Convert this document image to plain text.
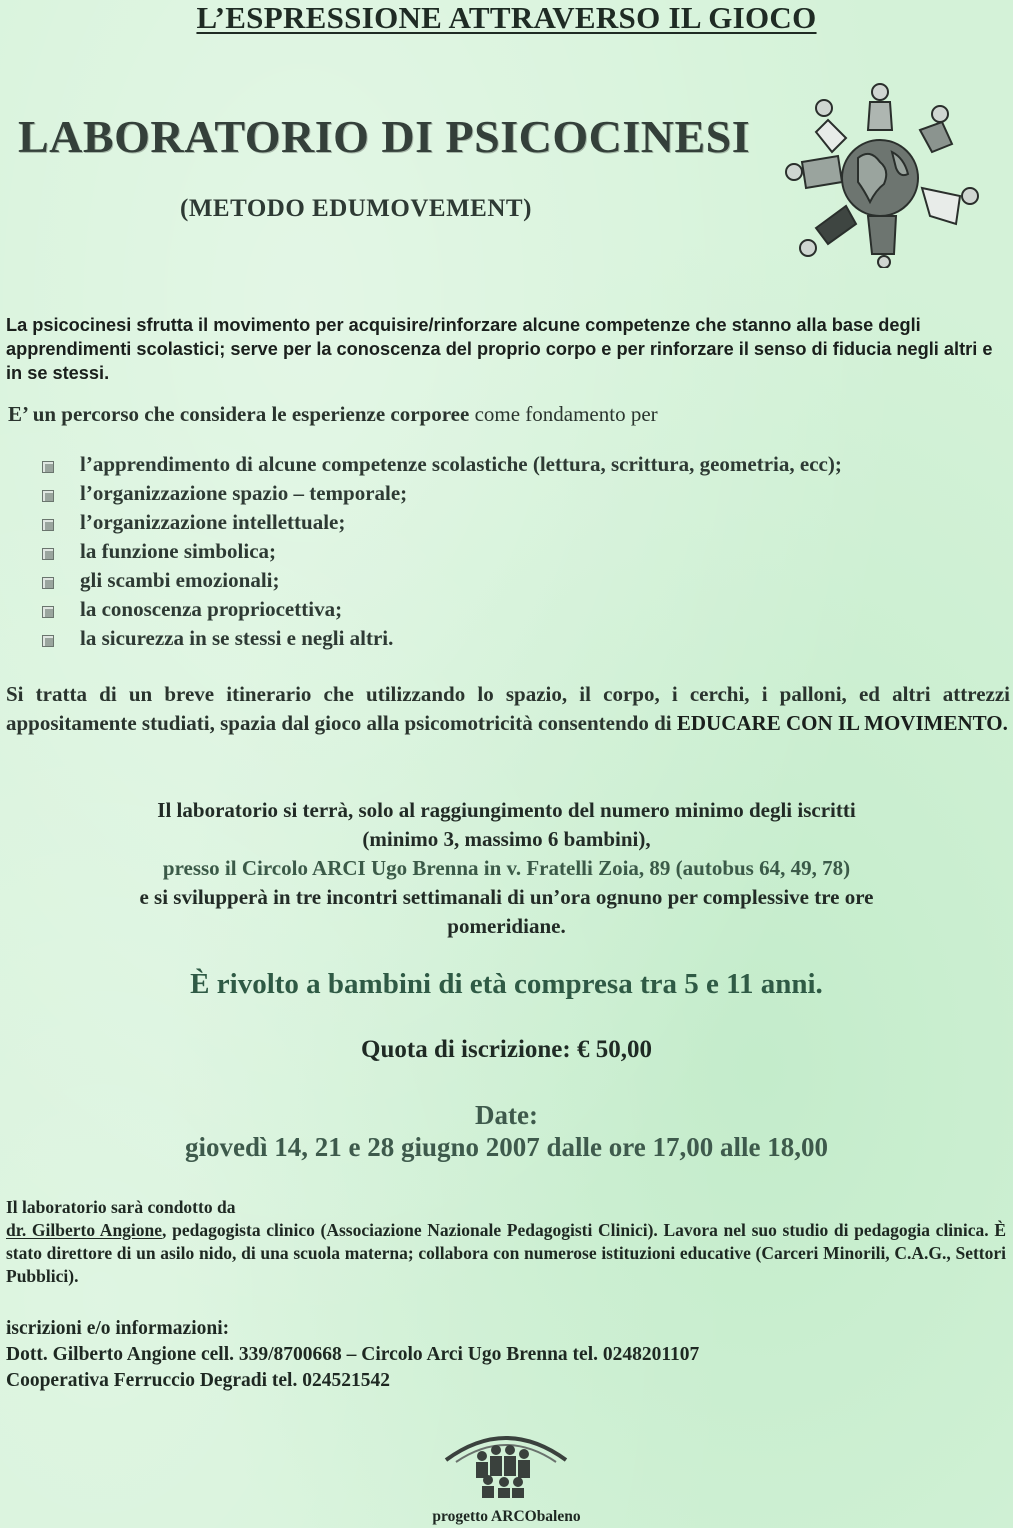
L’ESPRESSIONE ATTRAVERSO IL GIOCO
LABORATORIO DI PSICOCINESI
(METODO EDUMOVEMENT)
La psicocinesi sfrutta il movimento per acquisire/rinforzare alcune competenze che stanno alla base degli apprendimenti scolastici; serve per la conoscenza del proprio corpo e per rinforzare il senso di fiducia negli altri e in se stessi.
E’ un percorso che considera le esperienze corporee come fondamento per
l’apprendimento di alcune competenze scolastiche (lettura, scrittura, geometria, ecc);
l’organizzazione spazio – temporale;
l’organizzazione intellettuale;
la funzione simbolica;
gli scambi emozionali;
la conoscenza propriocettiva;
la sicurezza in se stessi e negli altri.
Si tratta di un breve itinerario che utilizzando lo spazio, il corpo, i cerchi, i palloni, ed altri attrezzi appositamente studiati, spazia dal gioco alla psicomotricità consentendo di EDUCARE CON IL MOVIMENTO.
Il laboratorio si terrà, solo al raggiungimento del numero minimo degli iscritti
(minimo 3, massimo 6 bambini),
presso il Circolo ARCI Ugo Brenna in v. Fratelli Zoia, 89 (autobus 64, 49, 78)
e si svilupperà in tre incontri settimanali di un’ora ognuno per complessive tre ore
pomeridiane.
È rivolto a bambini di età compresa tra 5 e 11 anni.
Quota di iscrizione: € 50,00
Date:
giovedì 14, 21 e 28 giugno 2007 dalle ore 17,00 alle 18,00
Il laboratorio sarà condotto da
dr. Gilberto Angione, pedagogista clinico (Associazione Nazionale Pedagogisti Clinici). Lavora nel suo studio di pedagogia clinica. È stato direttore di un asilo nido, di una scuola materna; collabora con numerose istituzioni educative (Carceri Minorili, C.A.G., Settori Pubblici).
iscrizioni e/o informazioni:
Dott. Gilberto Angione cell. 339/8700668 – Circolo Arci Ugo Brenna tel. 0248201107
Cooperativa Ferruccio Degradi tel. 024521542
progetto ARCObaleno
